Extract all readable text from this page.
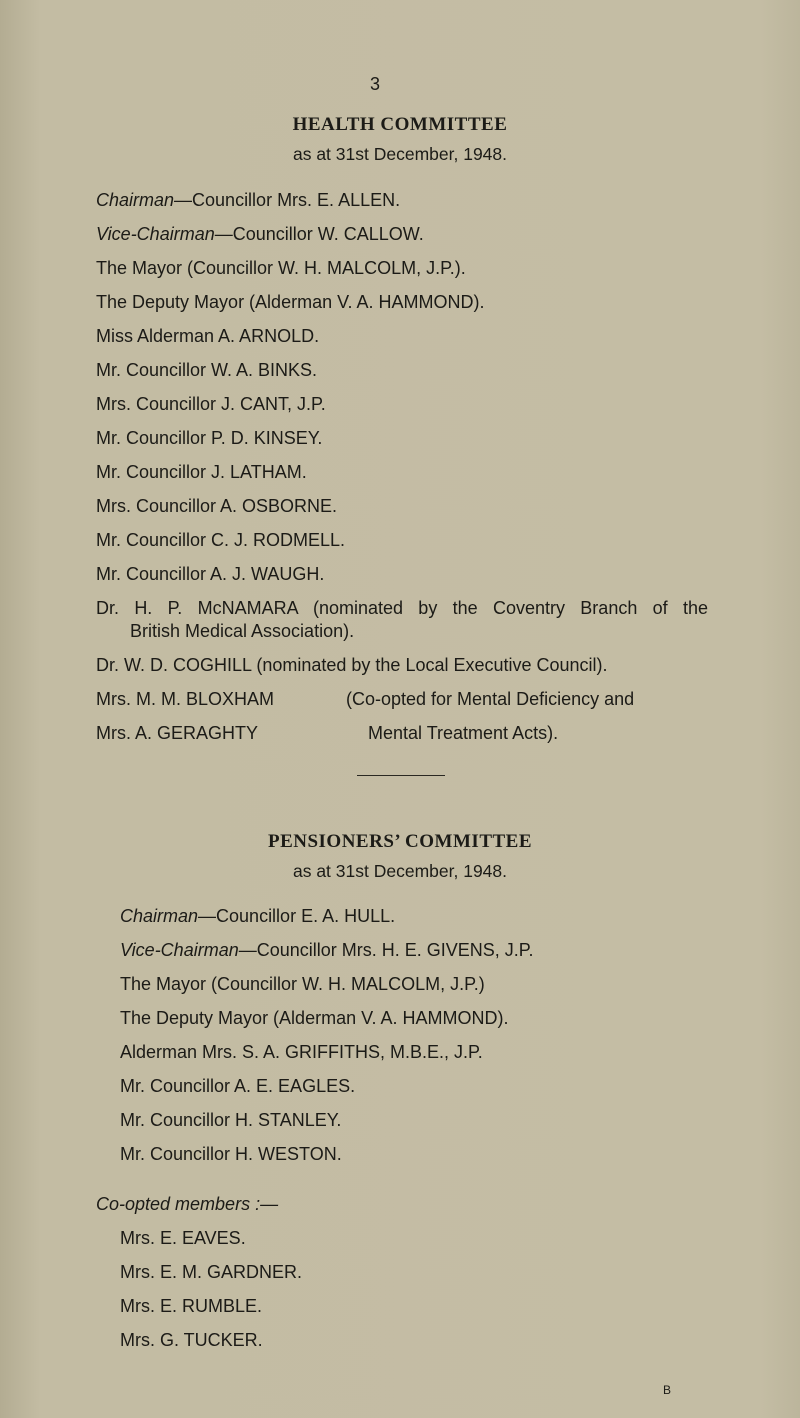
3
HEALTH COMMITTEE
as at 31st December, 1948.
Chairman—Councillor Mrs. E. ALLEN.
Vice-Chairman—Councillor W. CALLOW.
The Mayor (Councillor W. H. MALCOLM, J.P.).
The Deputy Mayor (Alderman V. A. HAMMOND).
Miss Alderman A. ARNOLD.
Mr. Councillor W. A. BINKS.
Mrs. Councillor J. CANT, J.P.
Mr. Councillor P. D. KINSEY.
Mr. Councillor J. LATHAM.
Mrs. Councillor A. OSBORNE.
Mr. Councillor C. J. RODMELL.
Mr. Councillor A. J. WAUGH.
Dr. H. P. McNAMARA (nominated by the Coventry Branch of the
British Medical Association).
Dr. W. D. COGHILL (nominated by the Local Executive Council).
Mrs. M. M. BLOXHAM	(Co-opted for Mental Deficiency and
Mrs. A. GERAGHTY	Mental Treatment Acts).
PENSIONERS’ COMMITTEE
as at 31st December, 1948.
Chairman—Councillor E. A. HULL.
Vice-Chairman—Councillor Mrs. H. E. GIVENS, J.P.
The Mayor (Councillor W. H. MALCOLM, J.P.)
The Deputy Mayor (Alderman V. A. HAMMOND).
Alderman Mrs. S. A. GRIFFITHS, M.B.E., J.P.
Mr. Councillor A. E. EAGLES.
Mr. Councillor H. STANLEY.
Mr. Councillor H. WESTON.
Co-opted members :—
Mrs. E. EAVES.
Mrs. E. M. GARDNER.
Mrs. E. RUMBLE.
Mrs. G. TUCKER.
B
